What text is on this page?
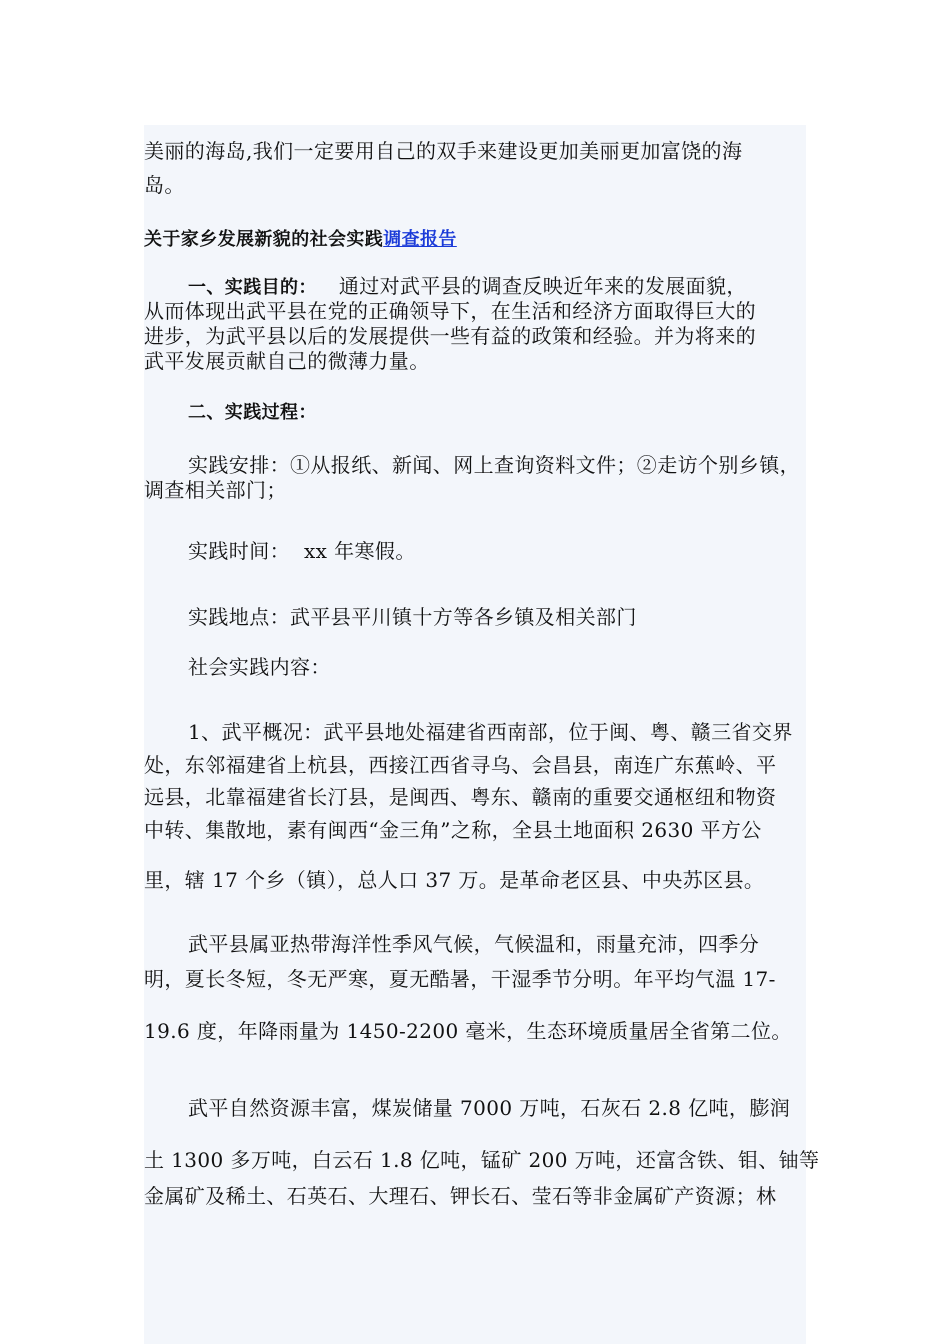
美丽的海岛,我们一定要用自己的双手来建设更加美丽更加富饶的海
岛。
关于家乡发展新貌的社会实践调查报告
一、实践目的： 通过对武平县的调查反映近年来的发展面貌，
从而体现出武平县在党的正确领导下，在生活和经济方面取得巨大的
进步，为武平县以后的发展提供一些有益的政策和经验。并为将来的
武平发展贡献自己的微薄力量。
二、实践过程：
实践安排：①从报纸、新闻、网上查询资料文件；②走访个别乡镇，
调查相关部门；
实践时间： xx 年寒假。
实践地点：武平县平川镇十方等各乡镇及相关部门
社会实践内容：
1、武平概况：武平县地处福建省西南部，位于闽、粤、赣三省交界
处，东邻福建省上杭县，西接江西省寻乌、会昌县，南连广东蕉岭、平
远县，北靠福建省长汀县，是闽西、粤东、赣南的重要交通枢纽和物资
中转、集散地，素有闽西“金三角”之称，全县土地面积 2630 平方公
里，辖 17 个乡（镇），总人口 37 万。是革命老区县、中央苏区县。
武平县属亚热带海洋性季风气候，气候温和，雨量充沛，四季分
明，夏长冬短，冬无严寒，夏无酷暑，干湿季节分明。年平均气温 17-
19.6 度，年降雨量为 1450-2200 毫米，生态环境质量居全省第二位。
武平自然资源丰富，煤炭储量 7000 万吨，石灰石 2.8 亿吨，膨润
土 1300 多万吨，白云石 1.8 亿吨，锰矿 200 万吨，还富含铁、钼、铀等
金属矿及稀土、石英石、大理石、钾长石、莹石等非金属矿产资源；林
